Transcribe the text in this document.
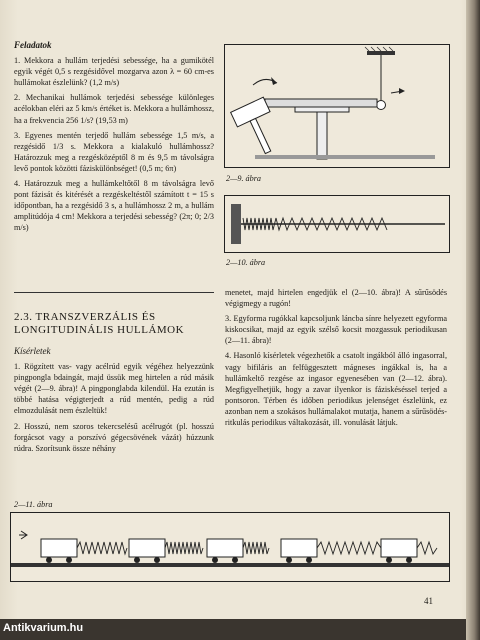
Feladatok

1. Mekkora a hullám terjedési sebessége, ha a gumikötél egyik végét 0,5 s rezgésidővel mozgarva azon λ = 60 cm-es hullámokat észlelünk? (1,2 m/s)

2. Mechanikai hullámok terjedési sebessége különleges acélokban eléri az 5 km/s értéket is. Mekkora a hullámhossz, ha a frekvencia 256 1/s? (19,53 m)

3. Egyenes mentén terjedő hullám sebessége 1,5 m/s, a rezgésidő 1/3 s. Mekkora a kialakuló hullámhossz? Határozzuk meg a rezgésközéptől 8 m és 9,5 m távolságra levő pontok közötti fáziskülönbséget! (0,5 m; 6π)

4. Határozzuk meg a hullámkeltőtől 8 m távolságra levő pont fázisát és kitérését a rezgéskeltéstől számított t = 15 s időpontban, ha a rezgésidő 3 s, a hullámhossz 2 m, a hullám amplitúdója 4 cm! Mekkora a terjedési sebesség? (2π; 0; 2/3 m/s)

2.3. TRANSZVERZÁLIS ÉS
LONGITUDINÁLIS HULLÁMOK

Kísérletek

1. Rögzített vas- vagy acélrúd egyik végéhez helyezzünk pingpongla bdaingát, majd üssük meg hirtelen a rúd másik végét (2—9. ábra)! A pingponglabda kilendül. Ha ezután is többé hatása végigterjedt a rúd mentén, pedig a rúd elmozdulását nem észleltük!

2. Hosszú, nem szoros tekercselésű acélrugót (pl. hosszú forgácsot vagy a porszívó gégecsövének vázát) húzzunk rúdra. Szorítsunk össze néhány

2—9. ábra
2—10. ábra

menetet, majd hirtelen engedjük el (2—10. ábra)! A sűrűsödés végigmegy a rugón!

3. Egyforma rugókkal kapcsoljunk láncba sínre helyezett egyforma kiskocsikat, majd az egyik szélső kocsit mozgassuk periodikusan (2—11. ábra)!

4. Hasonló kísérletek végezhetők a csatolt ingákból álló ingasorral, vagy bifiláris an felfüggesztett mágneses ingákkal is, ha a hullámkeltő rezgése az ingasor egyenesében van (2—12. ábra). Megfigyelhetjük, hogy a zavar ilyenkor is fáziskéséssel terjed a pontsoron. Térben és időben periodikus jelenséget észlelünk, ez azonban nem a szokásos hullámalakot mutatja, hanem a sűrűsödés-ritkulás periodikus váltakozását, ill. vonulását látjuk.

2—11. ábra
41
Antikvarium.hu
